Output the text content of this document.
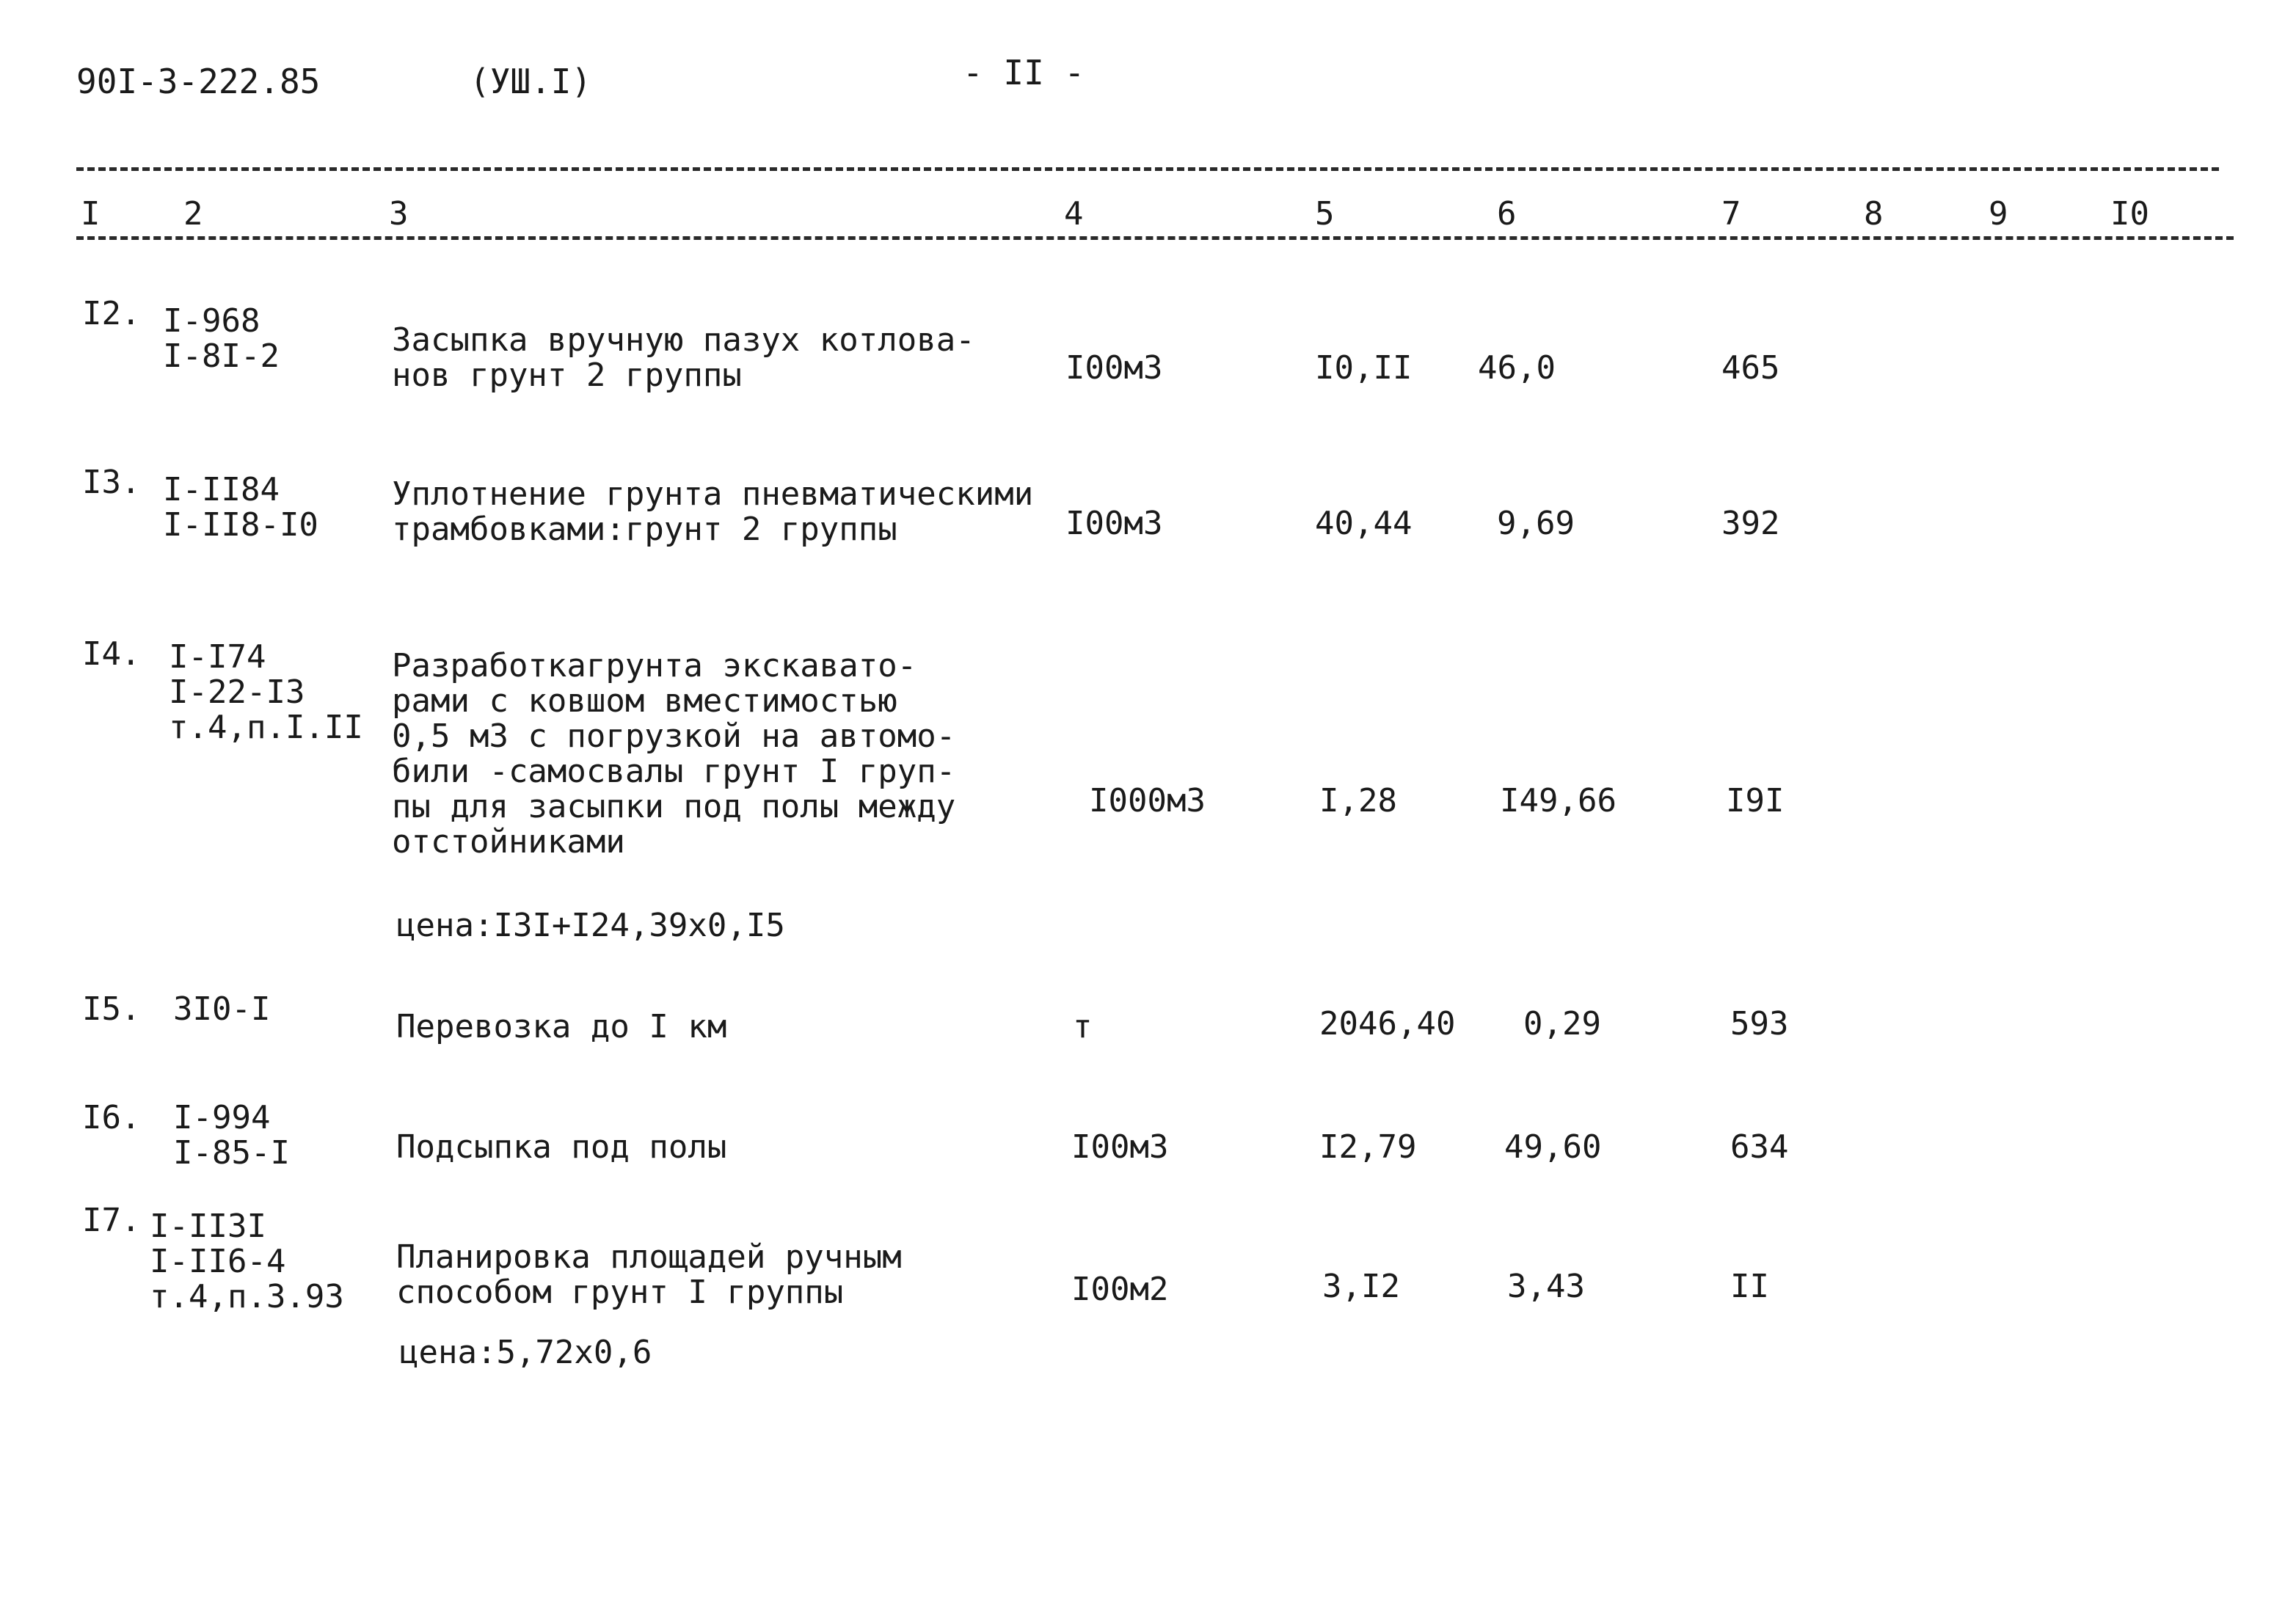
90I-3-222.85	(УШ.I)	- II -
I	2	3	4	5	6	7	8	9	I0
I2. I-968
I-8I-2	Засыпка вручную пазух котлова-
нов грунт 2 группы	I00м3	I0,II 46,0	465
I3. I-II84
I-II8-I0
Уплотнение грунта пневматическими
трамбовками:грунт 2 группы	I00м3	40,44	9,69	392
I4. I-I74
I-22-I3
т.4,п.I.II
Разработкагрунта экскавато-
рами с ковшом вместимостью
0,5 м3 с погрузкой на автомо-
били -самосвалы грунт I груп-
пы для засыпки под полы между
отстойниками
I000м3	I,28	I49,66	I9I
цена:I3I+I24,39х0,I5
I5. 3I0-I	Перевозка до I км	т	2046,40 0,29	593
I6. I-994
I-85-I	Подсыпка под полы	I00м3	I2,79	49,60	634
I7. I-II3I
I-II6-4
т.4,п.3.93
Планировка площадей ручным
способом грунт I группы	I00м2	3,I2	3,43	II
цена:5,72х0,6
